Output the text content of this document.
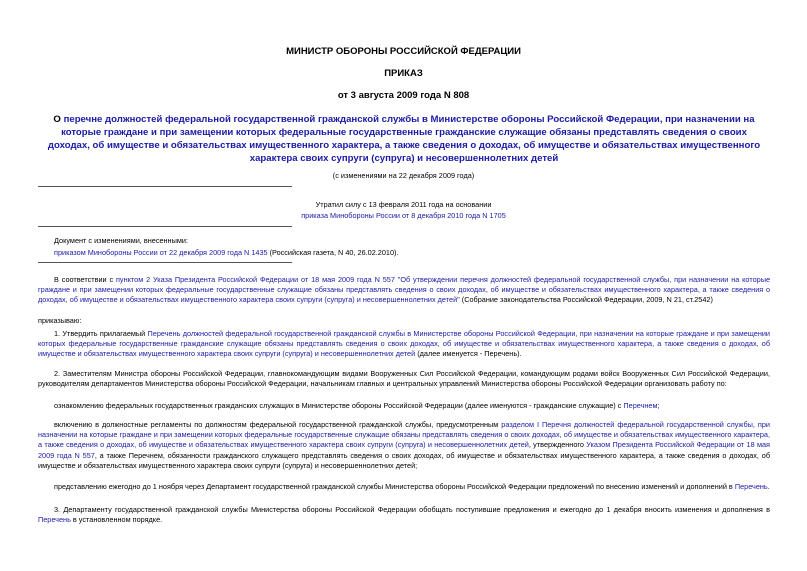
МИНИСТР ОБОРОНЫ РОССИЙСКОЙ ФЕДЕРАЦИИ
ПРИКАЗ
от 3 августа 2009 года N 808
О перечне должностей федеральной государственной гражданской службы в Министерстве обороны Российской Федерации, при назначении на которые граждане и при замещении которых федеральные государственные гражданские служащие обязаны представлять сведения о своих доходах, об имуществе и обязательствах имущественного характера, а также сведения о доходах, об имуществе и обязательствах имущественного характера своих супруги (супруга) и несовершеннолетних детей
(с изменениями на 22 декабря 2009 года)
Утратил силу с 13 февраля 2011 года на основании
приказа Минобороны России от 8 декабря 2010 года N 1705
Документ с изменениями, внесенными:
приказом Минобороны России от 22 декабря 2009 года N 1435 (Российская газета, N 40, 26.02.2010).
В соответствии с пунктом 2 Указа Президента Российской Федерации от 18 мая 2009 года N 557 "Об утверждении перечня должностей федеральной государственной службы, при назначении на которые граждане и при замещении которых федеральные государственные служащие обязаны представлять сведения о своих доходах, об имуществе и обязательствах имущественного характера, а также сведения о доходах, об имуществе и обязательствах имущественного характера своих супруги (супруга) и несовершеннолетних детей" (Собрание законодательства Российской Федерации, 2009, N 21, ст.2542)
приказываю:
1. Утвердить прилагаемый Перечень должностей федеральной государственной гражданской службы в Министерстве обороны Российской Федерации, при назначении на которые граждане и при замещении которых федеральные государственные гражданские служащие обязаны представлять сведения о своих доходах, об имуществе и обязательствах имущественного характера, а также сведения о доходах, об имуществе и обязательствах имущественного характера своих супруги (супруга) и несовершеннолетних детей (далее именуется - Перечень).
2. Заместителям Министра обороны Российской Федерации, главнокомандующим видами Вооруженных Сил Российской Федерации, командующим родами войск Вооруженных Сил Российской Федерации, руководителям департаментов Министерства обороны Российской Федерации, начальникам главных и центральных управлений Министерства обороны Российской Федерации организовать работу по:
ознакомлению федеральных государственных гражданских служащих в Министерстве обороны Российской Федерации (далее именуются - гражданские служащие) с Перечнем;
включению в должностные регламенты по должностям федеральной государственной гражданской службы, предусмотренным разделом I Перечня должностей федеральной государственной службы, при назначении на которые граждане и при замещении которых федеральные государственные служащие обязаны представлять сведения о своих доходах, об имуществе и обязательствах имущественного характера, а также сведения о доходах, об имуществе и обязательствах имущественного характера своих супруги (супруга) и несовершеннолетних детей, утвержденного Указом Президента Российской Федерации от 18 мая 2009 года N 557, а также Перечнем, обязанности гражданского служащего представлять сведения о своих доходах, об имуществе и обязательствах имущественного характера, а также сведения о доходах, об имуществе и обязательствах имущественного характера своих супруги (супруга) и несовершеннолетних детей;
представлению ежегодно до 1 ноября через Департамент государственной гражданской службы Министерства обороны Российской Федерации предложений по внесению изменений и дополнений в Перечень.
3. Департаменту государственной гражданской службы Министерства обороны Российской Федерации обобщать поступившие предложения и ежегодно до 1 декабря вносить изменения и дополнения в Перечень в установленном порядке.
